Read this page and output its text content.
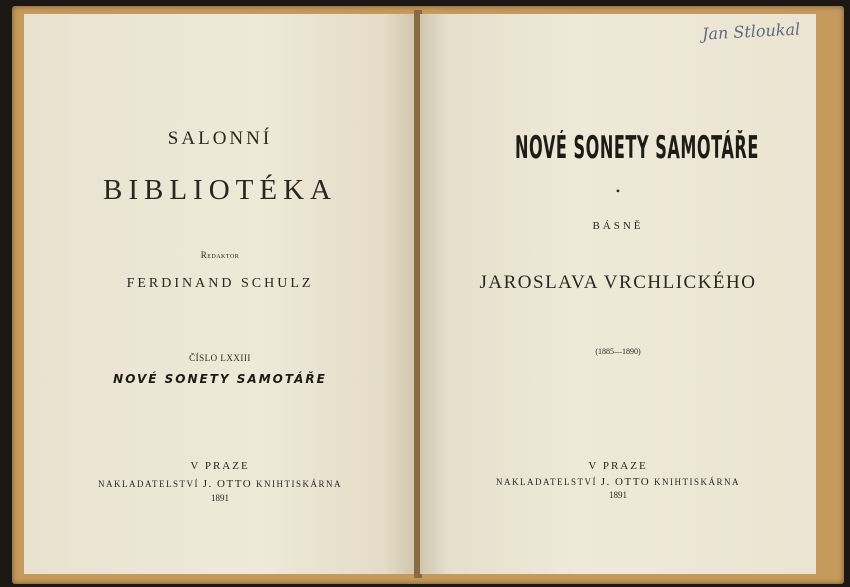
SALONNÍ
BIBLIOTÉKA
Redaktor
FERDINAND SCHULZ
ČÍSLO LXXIII
NOVÉ SONETY SAMOTÁŘE
V PRAZE
NAKLADATELSTVÍ J. OTTO KNIHTISKÁRNA
1891
Jan Stloukal
NOVÉ SONETY SAMOTÁŘE
•
BÁSNĚ
JAROSLAVA VRCHLICKÉHO
(1885—1890)
V PRAZE
NAKLADATELSTVÍ J. OTTO KNIHTISKÁRNA
1891
